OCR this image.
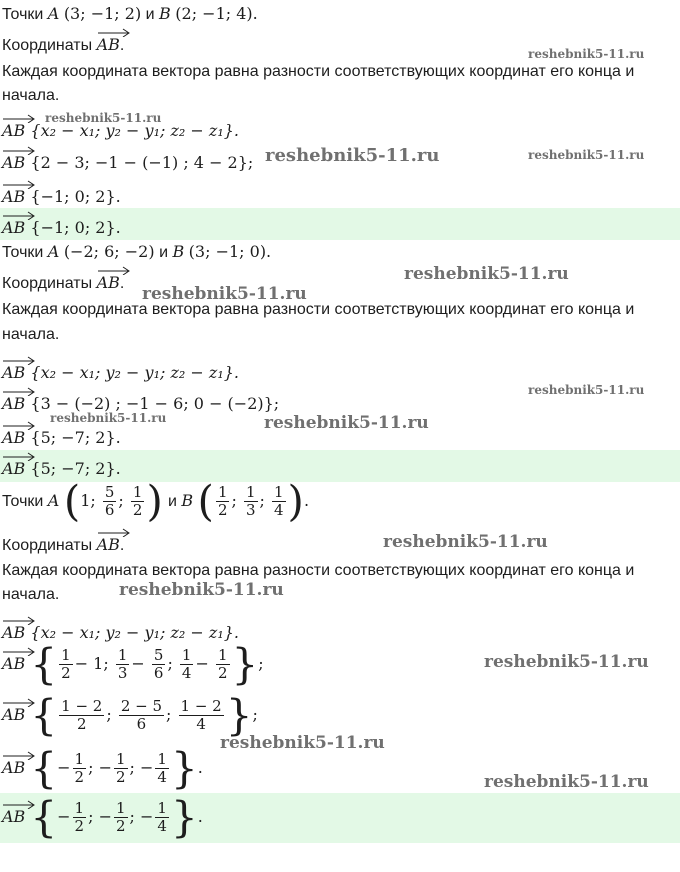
Точки A (3; −1; 2) и B (2; −1; 4).
Координаты AB.
Каждая координата вектора равна разности соответствующих координат его конца и
начала.
AB {x₂ − x₁; y₂ − y₁; z₂ − z₁}.
AB {2 − 3; −1 − (−1) ; 4 − 2};
AB {−1; 0; 2}.
AB {−1; 0; 2}.
Точки A (−2; 6; −2) и B (3; −1; 0).
Координаты AB.
Каждая координата вектора равна разности соответствующих координат его конца и
начала.
AB {x₂ − x₁; y₂ − y₁; z₂ − z₁}.
AB {3 − (−2) ; −1 − 6; 0 − (−2)};
AB {5; −7; 2}.
AB {5; −7; 2}.
Точки A (1; $\frac{5}{6}$ ; $\frac{1}{2}$ ) и B ( $\frac{1}{2}$ ; $\frac{1}{3}$ ; $\frac{1}{4}$ ).
Координаты AB.
Каждая координата вектора равна разности соответствующих координат его конца и
начала.
AB {x₂ − x₁; y₂ − y₁; z₂ − z₁}.
AB { $\frac{1}{2} - 1$; $\frac{1}{3} - \frac{5}{6}$ ; $\frac{1}{4} - \frac{1}{2}$ };
AB { $\frac{1 - 2}{2}$ ; $\frac{2 - 5}{6}$ ; $\frac{1 - 2}{4}$ };
AB {− $\frac{1}{2}$ ; − $\frac{1}{2}$ ; − $\frac{1}{4}$ }.
AB {− $\frac{1}{2}$ ; − $\frac{1}{2}$ ; − $\frac{1}{4}$ }.
reshebnik5-11.ru
reshebnik5-11.ru
reshebnik5-11.ru	reshebnik5-11.ru
reshebnik5-11.ru
reshebnik5-11.ru
reshebnik5-11.ru
reshebnik5-11.ru	reshebnik5-11.ru
reshebnik5-11.ru
reshebnik5-11.ru
reshebnik5-11.ru
reshebnik5-11.ru
reshebnik5-11.ru
